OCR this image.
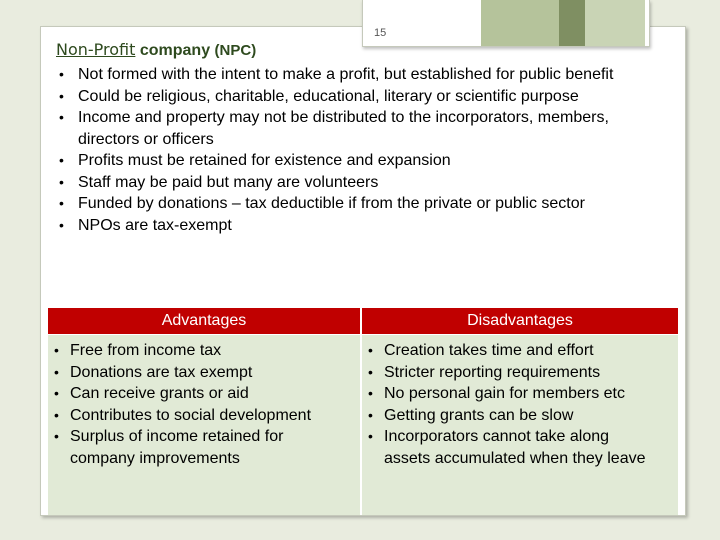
15
Non-Profit company (NPC)
• Not formed with the intent to make a profit, but established for public benefit
• Could be religious, charitable, educational, literary or scientific purpose
• Income and property may not be distributed to the incorporators, members, directors or officers
• Profits must be retained for existence and expansion
• Staff may be paid but many are volunteers
• Funded by donations – tax deductible if from the private or public sector
• NPOs are tax-exempt
Advantages	Disadvantages
• Free from income tax
• Donations are tax exempt
• Can receive grants or aid
• Contributes to social development
• Surplus of income retained for company improvements
• Creation takes time and effort
• Stricter reporting requirements
• No personal gain for members etc
• Getting grants can be slow
• Incorporators cannot take along assets accumulated when they leave
